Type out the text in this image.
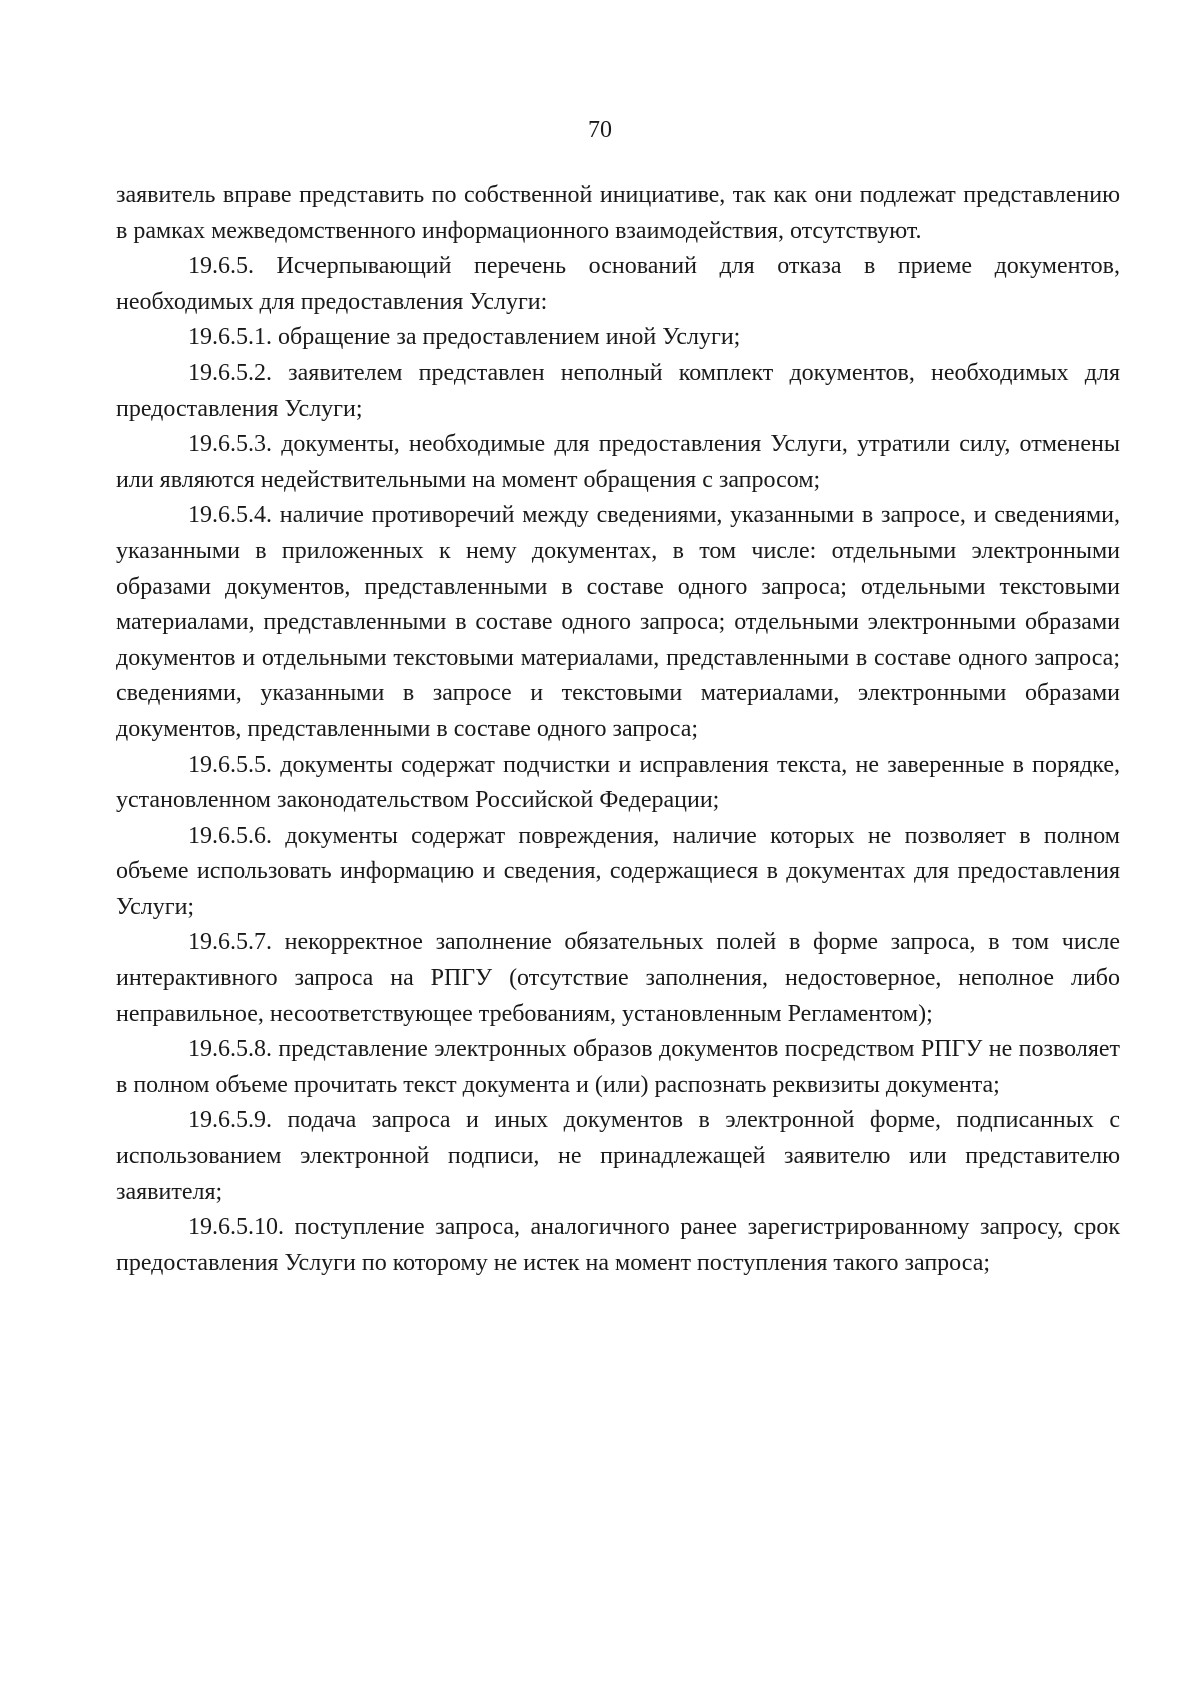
70

заявитель вправе представить по собственной инициативе, так как они подлежат представлению в рамках межведомственного информационного взаимодействия, отсутствуют.

19.6.5. Исчерпывающий перечень оснований для отказа в приеме документов, необходимых для предоставления Услуги:

19.6.5.1. обращение за предоставлением иной Услуги;

19.6.5.2. заявителем представлен неполный комплект документов, необходимых для предоставления Услуги;

19.6.5.3. документы, необходимые для предоставления Услуги, утратили силу, отменены или являются недействительными на момент обращения с запросом;

19.6.5.4. наличие противоречий между сведениями, указанными в запросе, и сведениями, указанными в приложенных к нему документах, в том числе: отдельными электронными образами документов, представленными в составе одного запроса; отдельными текстовыми материалами, представленными в составе одного запроса; отдельными электронными образами документов и отдельными текстовыми материалами, представленными в составе одного запроса; сведениями, указанными в запросе и текстовыми материалами, электронными образами документов, представленными в составе одного запроса;

19.6.5.5. документы содержат подчистки и исправления текста, не заверенные в порядке, установленном законодательством Российской Федерации;

19.6.5.6. документы содержат повреждения, наличие которых не позволяет в полном объеме использовать информацию и сведения, содержащиеся в документах для предоставления Услуги;

19.6.5.7. некорректное заполнение обязательных полей в форме запроса, в том числе интерактивного запроса на РПГУ (отсутствие заполнения, недостоверное, неполное либо неправильное, несоответствующее требованиям, установленным Регламентом);

19.6.5.8. представление электронных образов документов посредством РПГУ не позволяет в полном объеме прочитать текст документа и (или) распознать реквизиты документа;

19.6.5.9. подача запроса и иных документов в электронной форме, подписанных с использованием электронной подписи, не принадлежащей заявителю или представителю заявителя;

19.6.5.10. поступление запроса, аналогичного ранее зарегистрированному запросу, срок предоставления Услуги по которому не истек на момент поступления такого запроса;
